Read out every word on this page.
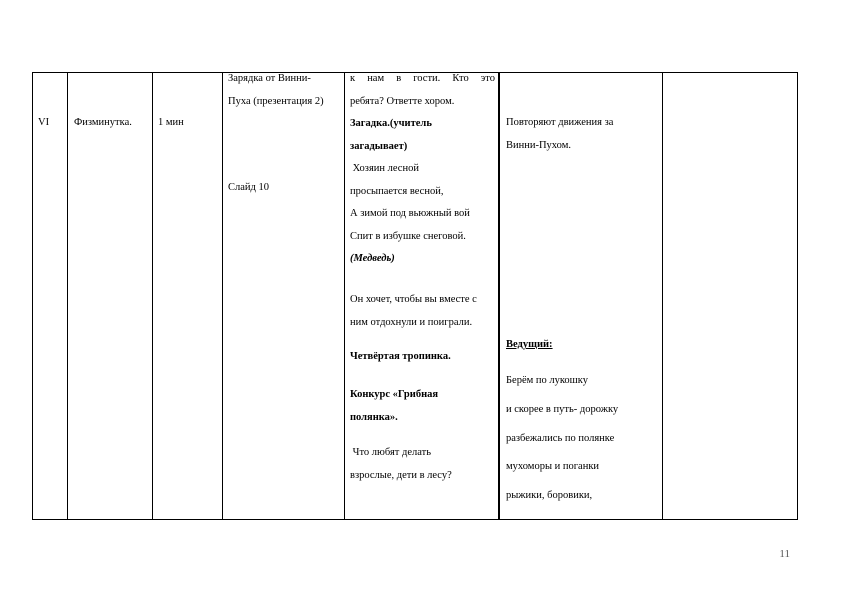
VI Физминутка. 1 мин

Зарядка от Винни-

Пуха (презентация 2)

Слайд 10

к нам в гости. Кто это

ребята? Ответте хором.

Загадка.(учитель

загадывает)

Хозяин лесной

просыпается весной,

А зимой под вьюжный вой

Спит в избушке снеговой.

(Медведь)

Он хочет, чтобы вы вместе с

ним отдохнули и поиграли.

Четвёртая тропинка.

Конкурс «Грибная

полянка».

Что любят делать

взрослые, дети в лесу?

Повторяют движения за

Винни-Пухом.

Ведущий:
Берём по лукошку
и скорее в путь- дорожку
разбежались по полянке
мухоморы и поганки
рыжики, боровики,
11
